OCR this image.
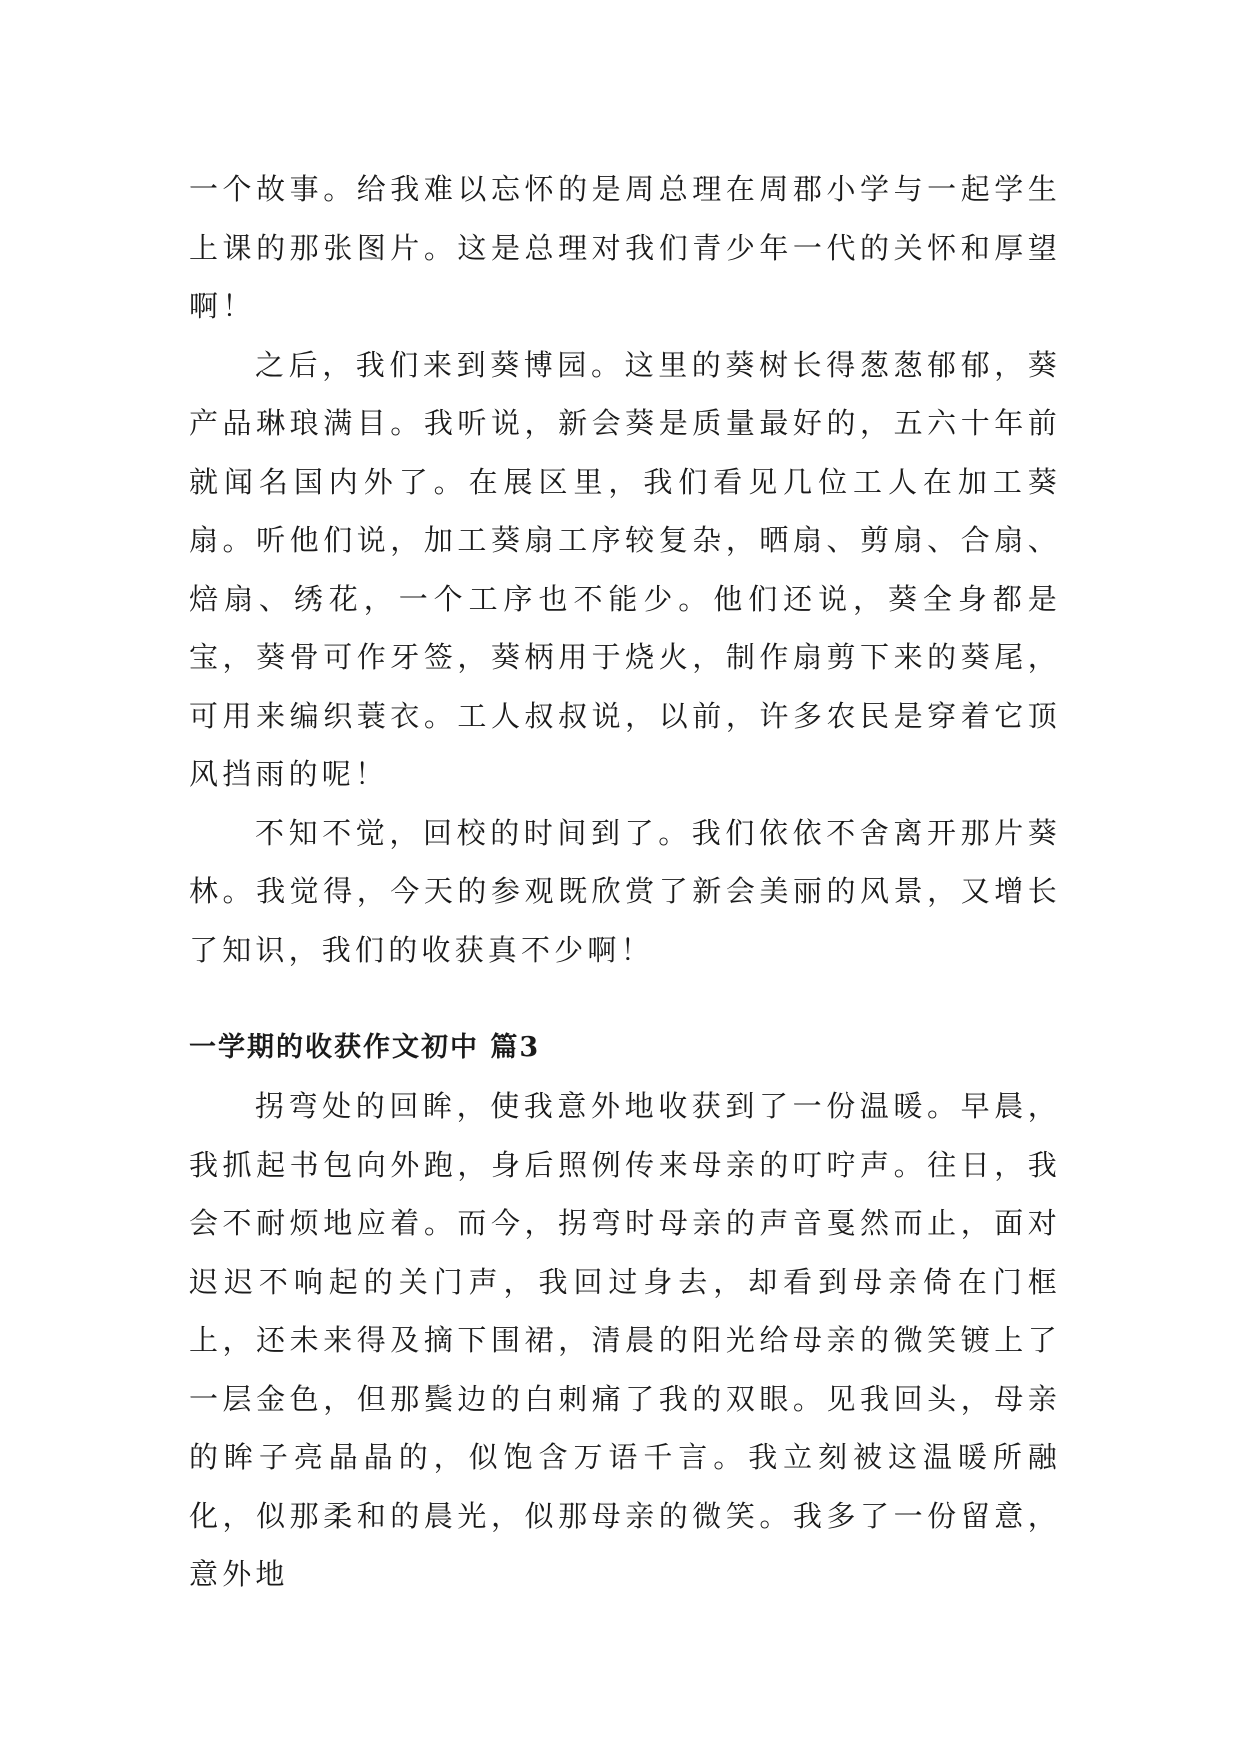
一个故事。给我难以忘怀的是周总理在周郡小学与一起学生上课的那张图片。这是总理对我们青少年一代的关怀和厚望啊！

之后，我们来到葵博园。这里的葵树长得葱葱郁郁，葵产品琳琅满目。我听说，新会葵是质量最好的，五六十年前就闻名国内外了。在展区里，我们看见几位工人在加工葵扇。听他们说，加工葵扇工序较复杂，晒扇、剪扇、合扇、焙扇、绣花，一个工序也不能少。他们还说，葵全身都是宝，葵骨可作牙签，葵柄用于烧火，制作扇剪下来的葵尾，可用来编织蓑衣。工人叔叔说，以前，许多农民是穿着它顶风挡雨的呢！

不知不觉，回校的时间到了。我们依依不舍离开那片葵林。我觉得，今天的参观既欣赏了新会美丽的风景，又增长了知识，我们的收获真不少啊！

一学期的收获作文初中 篇3

拐弯处的回眸，使我意外地收获到了一份温暖。早晨，我抓起书包向外跑，身后照例传来母亲的叮咛声。往日，我会不耐烦地应着。而今，拐弯时母亲的声音戛然而止，面对迟迟不响起的关门声，我回过身去，却看到母亲倚在门框上，还未来得及摘下围裙，清晨的阳光给母亲的微笑镀上了一层金色，但那鬓边的白刺痛了我的双眼。见我回头，母亲的眸子亮晶晶的，似饱含万语千言。我立刻被这温暖所融化，似那柔和的晨光，似那母亲的微笑。我多了一份留意，意外地
